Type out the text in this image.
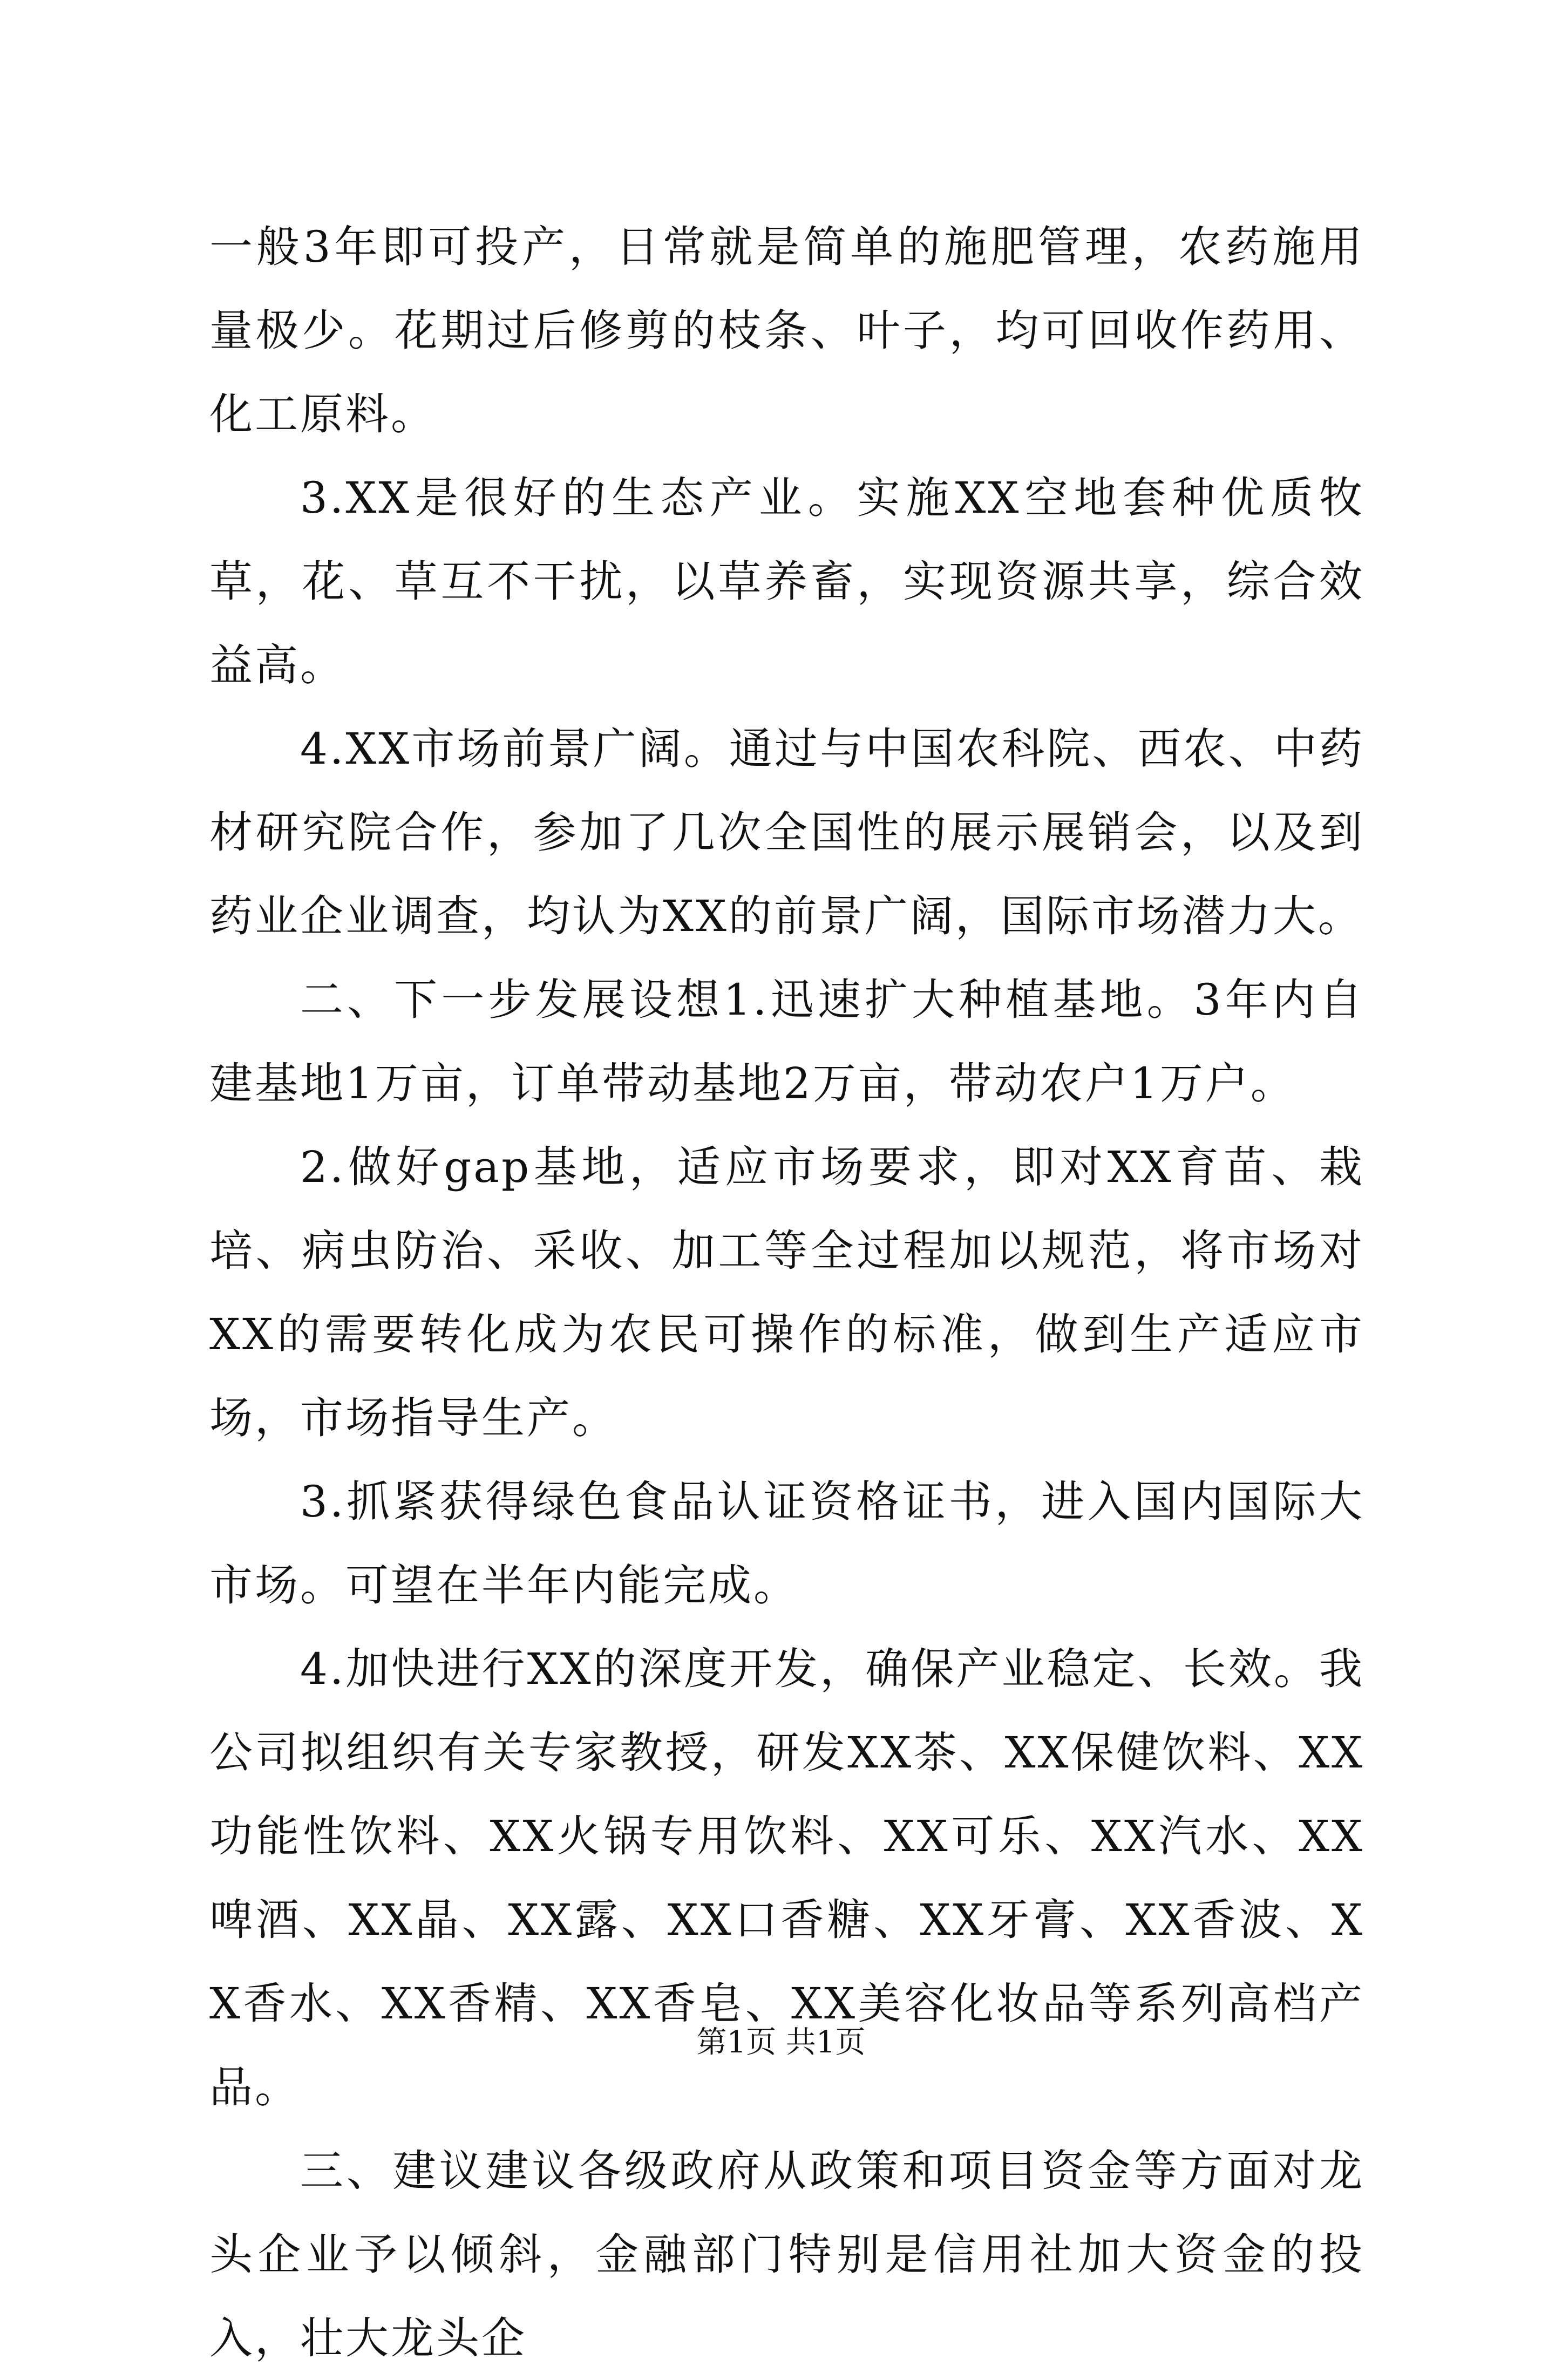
一般3年即可投产，日常就是简单的施肥管理，农药施用量极少。花期过后修剪的枝条、叶子，均可回收作药用、化工原料。

3.XX是很好的生态产业。实施XX空地套种优质牧草，花、草互不干扰，以草养畜，实现资源共享，综合效益高。

4.XX市场前景广阔。通过与中国农科院、西农、中药材研究院合作，参加了几次全国性的展示展销会，以及到药业企业调查，均认为XX的前景广阔，国际市场潜力大。

二、下一步发展设想1.迅速扩大种植基地。3年内自建基地1万亩，订单带动基地2万亩，带动农户1万户。

2.做好gap基地，适应市场要求，即对XX育苗、栽培、病虫防治、采收、加工等全过程加以规范，将市场对XX的需要转化成为农民可操作的标准，做到生产适应市场，市场指导生产。

3.抓紧获得绿色食品认证资格证书，进入国内国际大市场。可望在半年内能完成。

4.加快进行XX的深度开发，确保产业稳定、长效。我公司拟组织有关专家教授，研发XX茶、XX保健饮料、XX功能性饮料、XX火锅专用饮料、XX可乐、XX汽水、XX啤酒、XX晶、XX露、XX口香糖、XX牙膏、XX香波、XX香水、XX香精、XX香皂、XX美容化妆品等系列高档产品。

三、建议建议各级政府从政策和项目资金等方面对龙头企业予以倾斜，金融部门特别是信用社加大资金的投入，壮大龙头企

第1页 共1页
